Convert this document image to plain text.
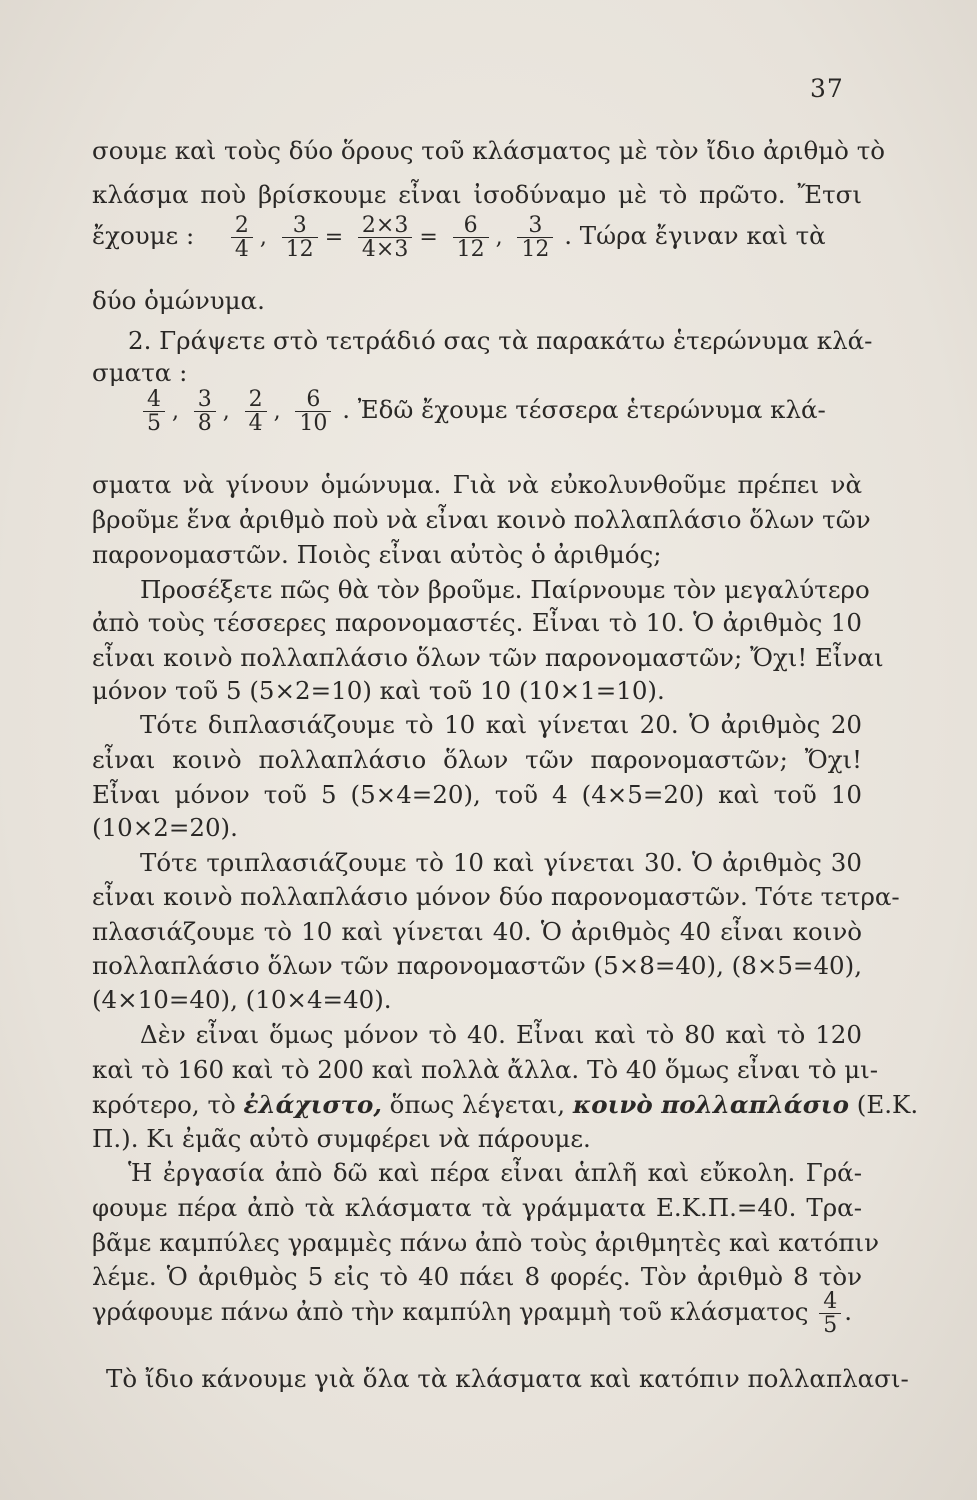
37
σουμε καὶ τοὺς δύο ὅρους τοῦ κλάσματος μὲ τὸν ἴδιο ἀριθμὸ τὸ
κλάσμα ποὺ βρίσκουμε εἶναι ἰσοδύναμο μὲ τὸ πρῶτο. Ἔτσι
ἔχουμε : $\frac{2}{4}$ , $\frac{3}{12} = \frac{2\times 3}{4\times 3} = \frac{6}{12}$ , $\frac{3}{12}$ . Τώρα ἔγιναν καὶ τὰ
δύο ὁμώνυμα.
2. Γράψετε στὸ τετράδιό σας τὰ παρακάτω ἑτερώνυμα κλά-
σματα :
$\frac{4}{5}$ , $\frac{3}{8}$ , $\frac{2}{4}$ , $\frac{6}{10}$ . Ἐδῶ ἔχουμε τέσσερα ἑτερώνυμα κλά-
σματα νὰ γίνουν ὁμώνυμα. Γιὰ νὰ εὐκολυνθοῦμε πρέπει νὰ
βροῦμε ἕνα ἀριθμὸ ποὺ νὰ εἶναι κοινὸ πολλαπλάσιο ὅλων τῶν
παρονομαστῶν. Ποιὸς εἶναι αὐτὸς ὁ ἀριθμός;
Προσέξετε πῶς θὰ τὸν βροῦμε. Παίρνουμε τὸν μεγαλύτερο
ἀπὸ τοὺς τέσσερες παρονομαστές. Εἶναι τὸ 10. Ὁ ἀριθμὸς 10
εἶναι κοινὸ πολλαπλάσιο ὅλων τῶν παρονομαστῶν; Ὄχι! Εἶναι
μόνον τοῦ 5 (5×2=10) καὶ τοῦ 10 (10×1=10).
Τότε διπλασιάζουμε τὸ 10 καὶ γίνεται 20. Ὁ ἀριθμὸς 20
εἶναι κοινὸ πολλαπλάσιο ὅλων τῶν παρονομαστῶν; Ὄχι!
Εἶναι μόνον τοῦ 5 (5×4=20), τοῦ 4 (4×5=20) καὶ τοῦ 10
(10×2=20).
Τότε τριπλασιάζουμε τὸ 10 καὶ γίνεται 30. Ὁ ἀριθμὸς 30
εἶναι κοινὸ πολλαπλάσιο μόνον δύο παρονομαστῶν. Τότε τετρα-
πλασιάζουμε τὸ 10 καὶ γίνεται 40. Ὁ ἀριθμὸς 40 εἶναι κοινὸ
πολλαπλάσιο ὅλων τῶν παρονομαστῶν (5×8=40), (8×5=40),
(4×10=40), (10×4=40).
Δὲν εἶναι ὅμως μόνον τὸ 40. Εἶναι καὶ τὸ 80 καὶ τὸ 120
καὶ τὸ 160 καὶ τὸ 200 καὶ πολλὰ ἄλλα. Τὸ 40 ὅμως εἶναι τὸ μι-
κρότερο, τὸ ἐλάχιστο, ὅπως λέγεται, κοινὸ πολλαπλάσιο (Ε.Κ.
Π.). Κι ἐμᾶς αὐτὸ συμφέρει νὰ πάρουμε.
Ἡ ἐργασία ἀπὸ δῶ καὶ πέρα εἶναι ἁπλῆ καὶ εὔκολη. Γρά-
φουμε πέρα ἀπὸ τὰ κλάσματα τὰ γράμματα Ε.Κ.Π.=40. Τρα-
βᾶμε καμπύλες γραμμὲς πάνω ἀπὸ τοὺς ἀριθμητὲς καὶ κατόπιν
λέμε. Ὁ ἀριθμὸς 5 εἰς τὸ 40 πάει 8 φορές. Τὸν ἀριθμὸ 8 τὸν
γράφουμε πάνω ἀπὸ τὴν καμπύλη γραμμὴ τοῦ κλάσματος $\frac{4}{5}$ .
Τὸ ἴδιο κάνουμε γιὰ ὅλα τὰ κλάσματα καὶ κατόπιν πολλαπλασι-
